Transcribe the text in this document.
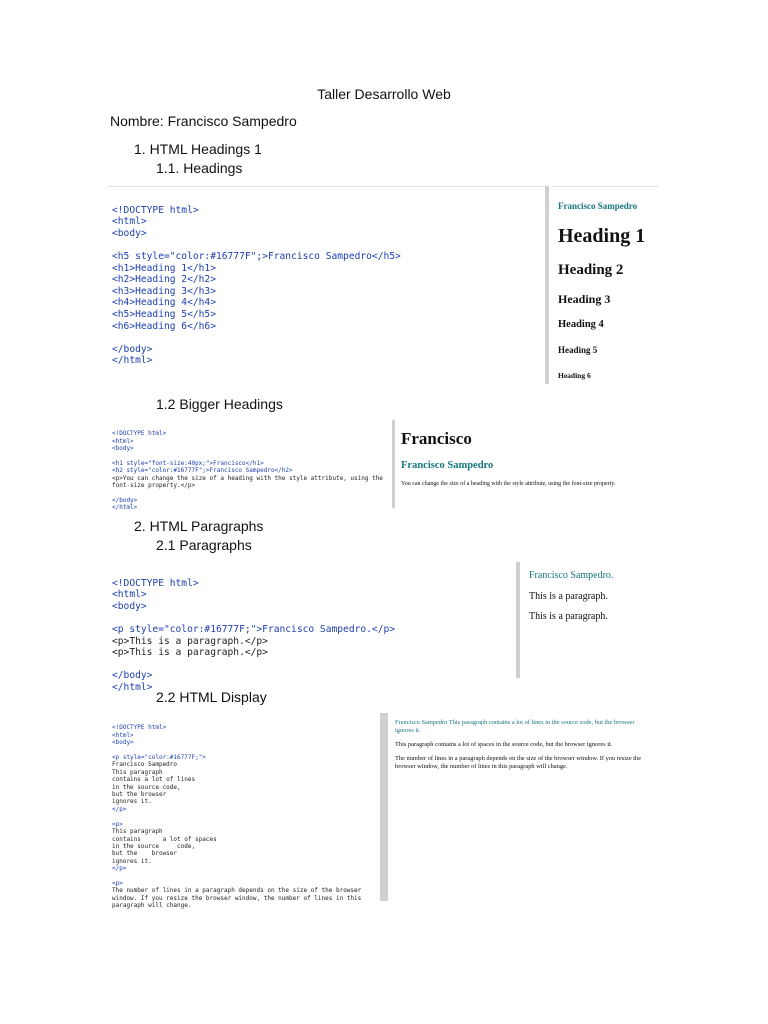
Taller Desarrollo Web
Nombre: Francisco Sampedro
1. HTML Headings 1
1.1. Headings

<!DOCTYPE html>
<html>
<body>

<h5 style="color:#16777F";>Francisco Sampedro</h5>
<h1>Heading 1</h1>
<h2>Heading 2</h2>
<h3>Heading 3</h3>
<h4>Heading 4</h4>
<h5>Heading 5</h5>
<h6>Heading 6</h6>

</body>
</html>
Francisco Sampedro
Heading 1
Heading 2
Heading 3
Heading 4
Heading 5
Heading 6
1.2 Bigger Headings

<!DOCTYPE html>
<html>
<body>

<h1 style="font-size:40px;">Francisco</h1>
<h2 style="color:#16777F";>Francisco Sampedro</h2>
<p>You can change the size of a heading with the style attribute, using the
font-size property.</p>

</body>
</html>
Francisco
Francisco Sampedro
You can change the size of a heading with the style attribute, using the font-size property.
2. HTML Paragraphs
2.1 Paragraphs

<!DOCTYPE html>
<html>
<body>

<p style="color:#16777F;">Francisco Sampedro.</p>
<p>This is a paragraph.</p>
<p>This is a paragraph.</p>

</body>
</html>
Francisco Sampedro.
This is a paragraph.
This is a paragraph.
2.2 HTML Display

<!DOCTYPE html>
<html>
<body>

<p style="color:#16777F;">
Francisco Sampedro
This paragraph
contains a lot of lines
in the source code,
but the browser
ignores it.
</p>

<p>
This paragraph
contains      a lot of spaces
in the source     code,
but the    browser
ignores it.
</p>

<p>
The number of lines in a paragraph depends on the size of the browser
window. If you resize the browser window, the number of lines in this
paragraph will change.
Francisco Sampedro This paragraph contains a lot of lines in the source code, but the browser ignores it.
This paragraph contains a lot of spaces in the source code, but the browser ignores it.
The number of lines in a paragraph depends on the size of the browser window. If you resize the browser window, the number of lines in this paragraph will change.
